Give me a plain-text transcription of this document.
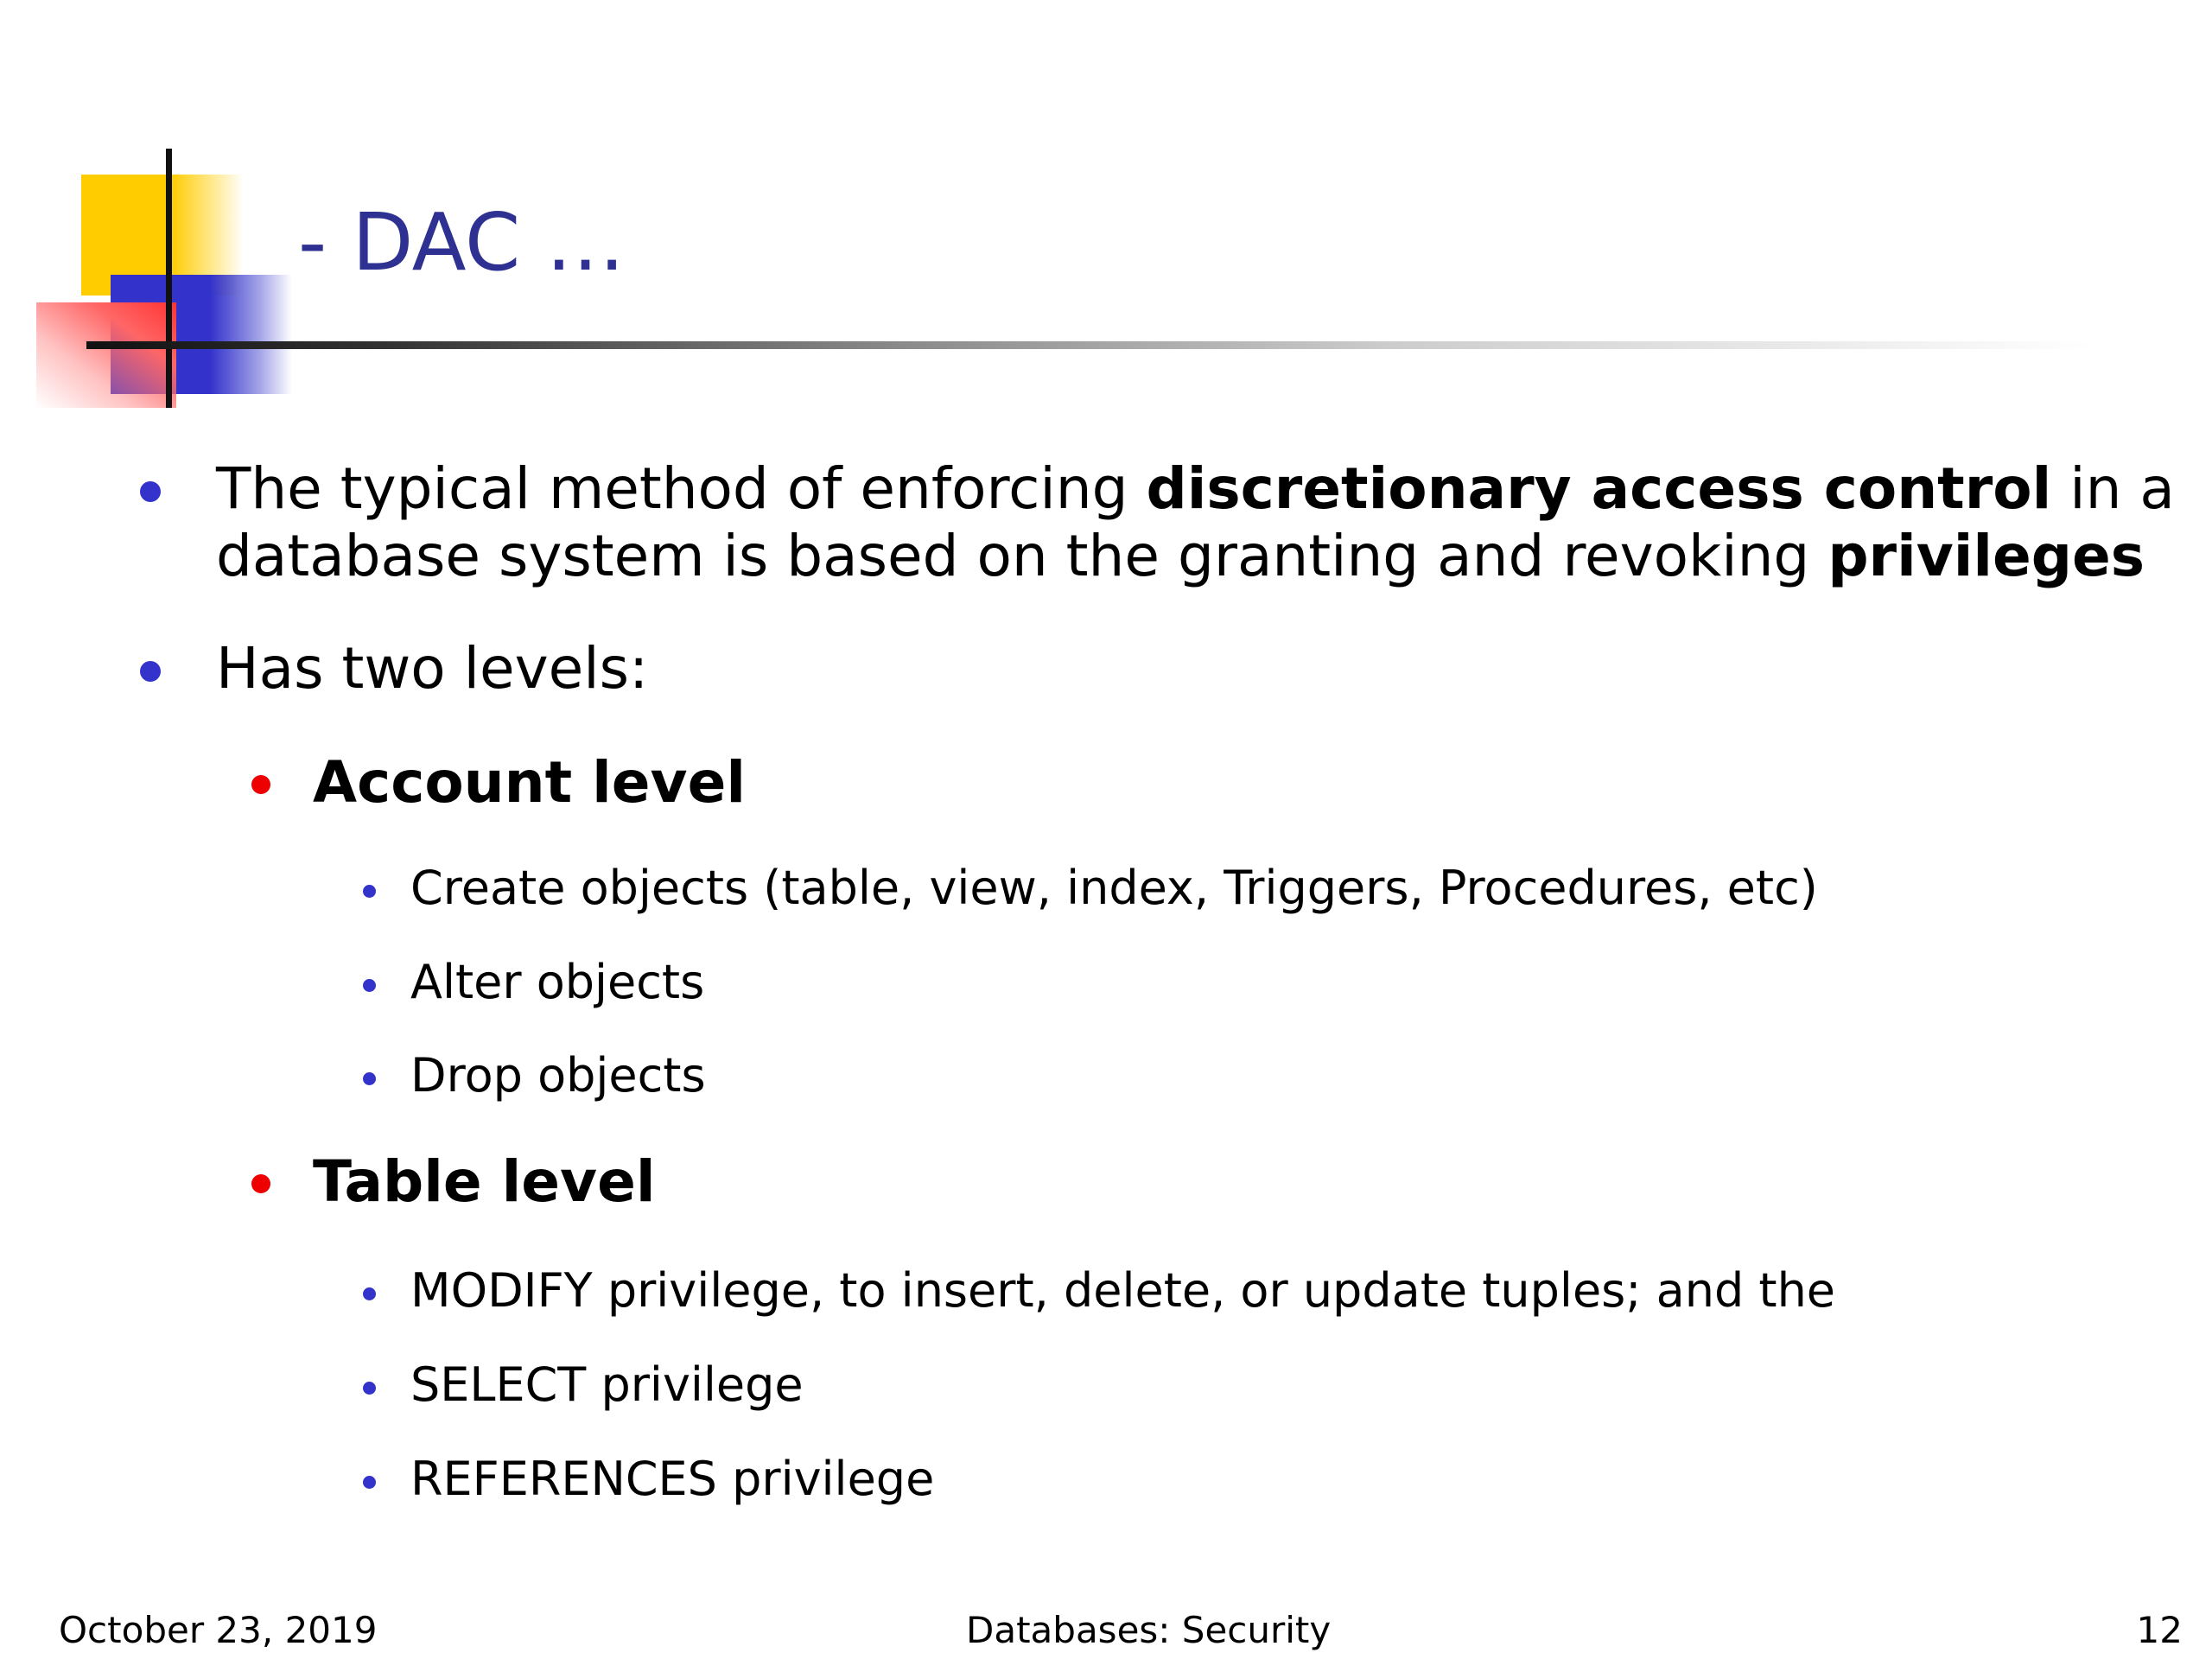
- DAC …
The typical method of enforcing discretionary access control in a
database system is based on the granting and revoking privileges
Has two levels:
Account level
Create objects (table, view, index, Triggers, Procedures, etc)
Alter objects
Drop objects
Table level
MODIFY privilege, to insert, delete, or update tuples; and the
SELECT privilege
REFERENCES privilege
October 23, 2019	Databases: Security	12
